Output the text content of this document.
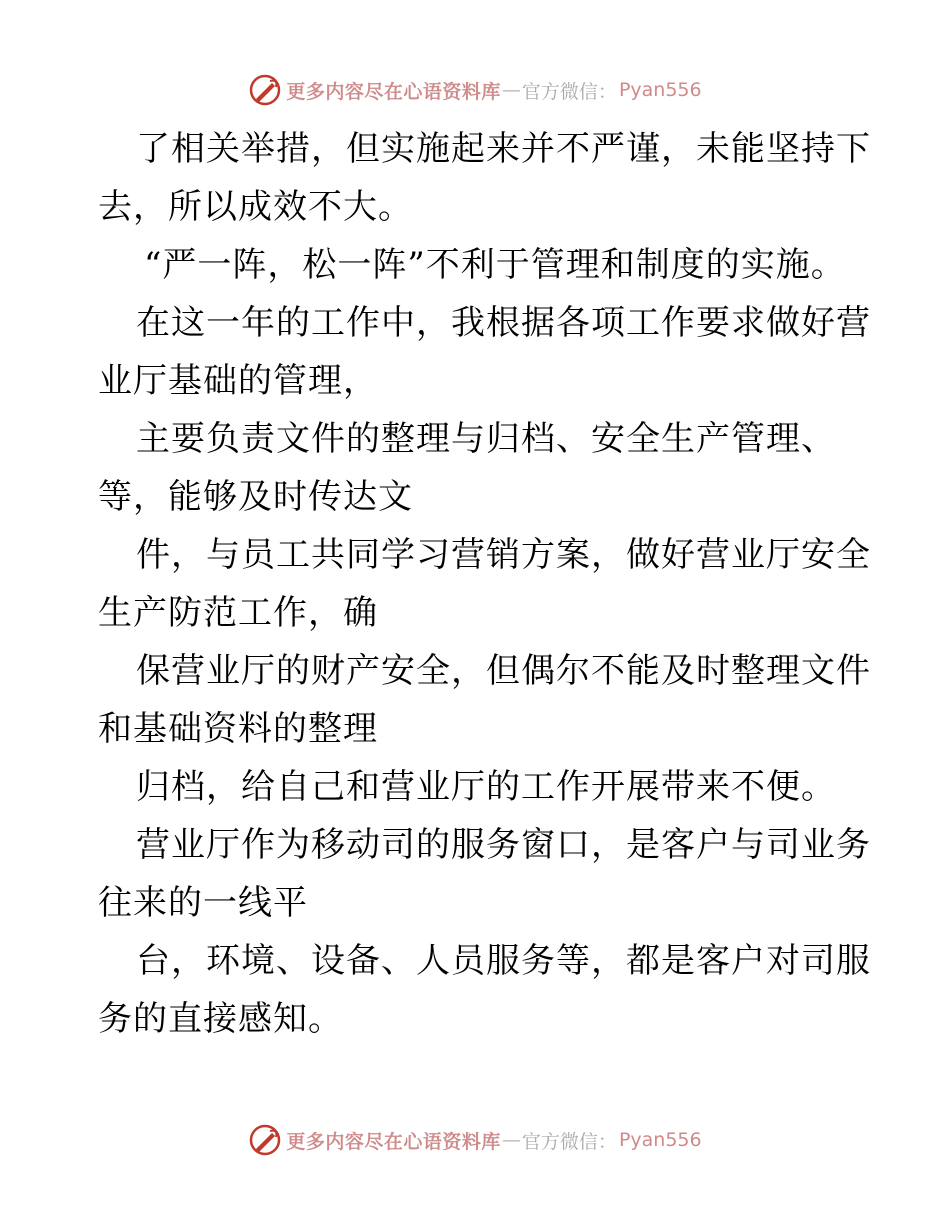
更多内容尽在心语资料库 — 官方微信： Pyan556
了相关举措，但实施起来并不严谨，未能坚持下
去，所以成效不大。
“严一阵，松一阵”不利于管理和制度的实施。
在这一年的工作中，我根据各项工作要求做好营
业厅基础的管理，
主要负责文件的整理与归档、安全生产管理、
等，能够及时传达文
件，与员工共同学习营销方案，做好营业厅安全
生产防范工作，确
保营业厅的财产安全，但偶尔不能及时整理文件
和基础资料的整理
归档，给自己和营业厅的工作开展带来不便。
营业厅作为移动司的服务窗口，是客户与司业务
往来的一线平
台，环境、设备、人员服务等，都是客户对司服
务的直接感知。
更多内容尽在心语资料库 — 官方微信： Pyan556
